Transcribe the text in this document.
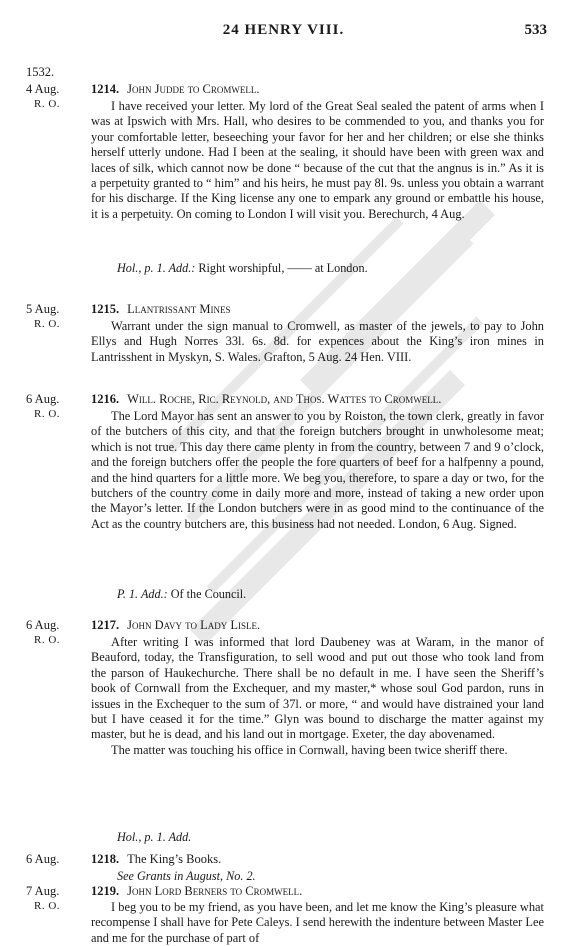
24 HENRY VIII.	533
1532.
4 Aug.
R. O.
1214. John Judde to Cromwell.

I have received your letter. My lord of the Great Seal sealed the patent of arms when I was at Ipswich with Mrs. Hall, who desires to be commended to you, and thanks you for your comfortable letter, beseeching your favor for her and her children; or else she thinks herself utterly undone. Had I been at the sealing, it should have been with green wax and laces of silk, which cannot now be done “ because of the cut that the angnus is in.” As it is a perpetuity granted to “ him” and his heirs, he must pay 8l. 9s. unless you obtain a warrant for his discharge. If the King license any one to empark any ground or embattle his house, it is a perpetuity. On coming to London I will visit you. Berechurch, 4 Aug.

Hol., p. 1. Add.: Right worshipful, —— at London.
5 Aug.
R. O.
1215. Llantrissant Mines

Warrant under the sign manual to Cromwell, as master of the jewels, to pay to John Ellys and Hugh Norres 33l. 6s. 8d. for expences about the King’s iron mines in Lantrisshent in Myskyn, S. Wales. Grafton, 5 Aug. 24 Hen. VIII.

6 Aug.
R. O.
1216. Will. Roche, Ric. Reynold, and Thos. Wattes to Cromwell.

The Lord Mayor has sent an answer to you by Roiston, the town clerk, greatly in favor of the butchers of this city, and that the foreign butchers brought in unwholesome meat; which is not true. This day there came plenty in from the country, between 7 and 9 o’clock, and the foreign butchers offer the people the fore quarters of beef for a halfpenny a pound, and the hind quarters for a little more. We beg you, therefore, to spare a day or two, for the butchers of the country come in daily more and more, instead of taking a new order upon the Mayor’s letter. If the London butchers were in as good mind to the continuance of the Act as the country butchers are, this business had not needed. London, 6 Aug. Signed.

P. 1. Add.: Of the Council.
6 Aug.
R. O.
1217. John Davy to Lady Lisle.

After writing I was informed that lord Daubeney was at Waram, in the manor of Beauford, today, the Transfiguration, to sell wood and put out those who took land from the parson of Haukechurche. There shall be no default in me. I have seen the Sheriff’s book of Cornwall from the Exchequer, and my master,* whose soul God pardon, runs in issues in the Exchequer to the sum of 37l. or more, “ and would have distrained your land but I have ceased it for the time.” Glyn was bound to discharge the matter against my master, but he is dead, and his land out in mortgage. Exeter, the day abovenamed.

The matter was touching his office in Cornwall, having been twice sheriff there.

Hol., p. 1. Add.
6 Aug.	1218. The King’s Books.
See Grants in August, No. 2.
7 Aug.	1219. John Lord Berners to Cromwell.
R. O.	I beg you to be my friend, as you have been, and let me know the King’s pleasure what recompense I shall have for Pete Caleys. I send herewith the indenture between Master Lee and me for the purchase of part of
